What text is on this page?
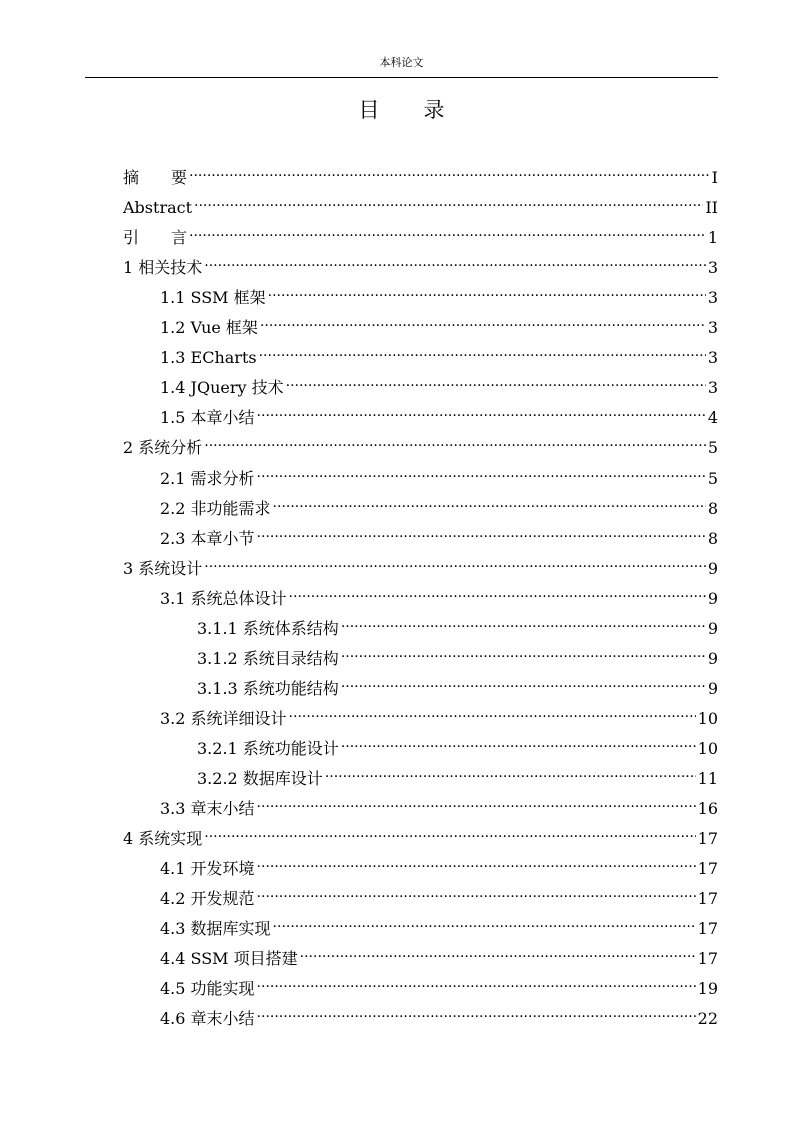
本科论文
目录
摘　　要 .....	I
Abstract .....	II
引　　言 .....	1
1 相关技术 .....	3
1.1 SSM 框架 .....	3
1.2 Vue 框架 .....	3
1.3 ECharts .....	3
1.4 JQuery 技术 .....	3
1.5 本章小结 .....	4
2 系统分析 .....	5
2.1 需求分析 .....	5
2.2 非功能需求 .....	8
2.3 本章小节 .....	8
3 系统设计 .....	9
3.1 系统总体设计 .....	9
3.1.1 系统体系结构 .....	9
3.1.2 系统目录结构 .....	9
3.1.3 系统功能结构 .....	9
3.2 系统详细设计 .....	10
3.2.1 系统功能设计 .....	10
3.2.2 数据库设计 .....	11
3.3 章末小结 .....	16
4 系统实现 .....	17
4.1 开发环境 .....	17
4.2 开发规范 .....	17
4.3 数据库实现 .....	17
4.4 SSM 项目搭建 .....	17
4.5 功能实现 .....	19
4.6 章末小结 .....	22
